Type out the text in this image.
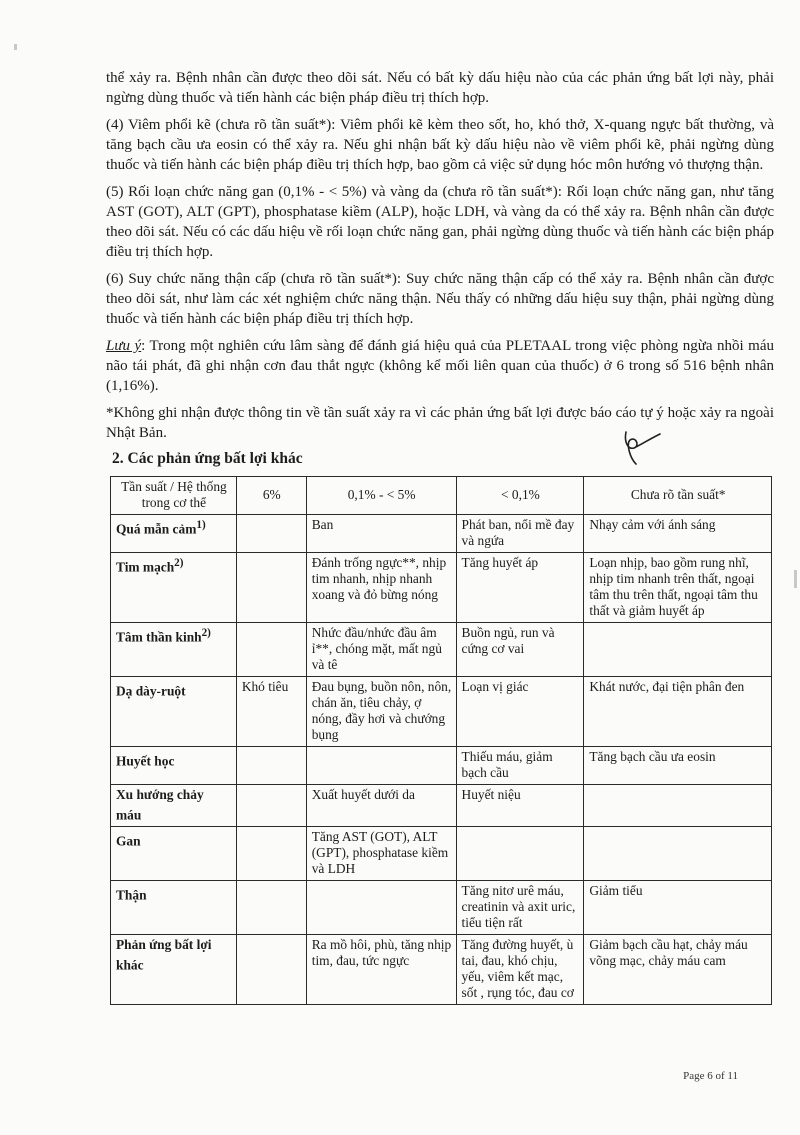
thể xảy ra. Bệnh nhân cần được theo dõi sát. Nếu có bất kỳ dấu hiệu nào của các phản ứng bất lợi này, phải ngừng dùng thuốc và tiến hành các biện pháp điều trị thích hợp.

(4) Viêm phổi kẽ (chưa rõ tần suất*): Viêm phổi kẽ kèm theo sốt, ho, khó thở, X-quang ngực bất thường, và tăng bạch cầu ưa eosin có thể xảy ra. Nếu ghi nhận bất kỳ dấu hiệu nào về viêm phổi kẽ, phải ngừng dùng thuốc và tiến hành các biện pháp điều trị thích hợp, bao gồm cả việc sử dụng hóc môn hướng vỏ thượng thận.

(5) Rối loạn chức năng gan (0,1% - < 5%) và vàng da (chưa rõ tần suất*): Rối loạn chức năng gan, như tăng AST (GOT), ALT (GPT), phosphatase kiềm (ALP), hoặc LDH, và vàng da có thể xảy ra. Bệnh nhân cần được theo dõi sát. Nếu có các dấu hiệu về rối loạn chức năng gan, phải ngừng dùng thuốc và tiến hành các biện pháp điều trị thích hợp.

(6) Suy chức năng thận cấp (chưa rõ tần suất*): Suy chức năng thận cấp có thể xảy ra. Bệnh nhân cần được theo dõi sát, như làm các xét nghiệm chức năng thận. Nếu thấy có những dấu hiệu suy thận, phải ngừng dùng thuốc và tiến hành các biện pháp điều trị thích hợp.

Lưu ý: Trong một nghiên cứu lâm sàng để đánh giá hiệu quả của PLETAAL trong việc phòng ngừa nhồi máu não tái phát, đã ghi nhận cơn đau thắt ngực (không kể mối liên quan của thuốc) ở 6 trong số 516 bệnh nhân (1,16%).

*Không ghi nhận được thông tin về tần suất xảy ra vì các phản ứng bất lợi được báo cáo tự ý hoặc xảy ra ngoài Nhật Bản.

2. Các phản ứng bất lợi khác
Tần suất / Hệ thống trong cơ thể	6%	0,1% - < 5%	< 0,1%	Chưa rõ tần suất*
Quá mẫn cảm$^{1)}$		Ban	Phát ban, nổi mề đay và ngứa	Nhạy cảm với ánh sáng
Tim mạch$^{2)}$		Đánh trống ngực**, nhịp tim nhanh, nhịp nhanh xoang và đỏ bừng nóng	Tăng huyết áp	Loạn nhịp, bao gồm rung nhĩ, nhịp tim nhanh trên thất, ngoại tâm thu trên thất, ngoại tâm thu thất và giảm huyết áp
Tâm thần kinh$^{2)}$		Nhức đầu/nhức đầu âm ỉ**, chóng mặt, mất ngủ và tê	Buồn ngủ, run và cứng cơ vai	
Dạ dày-ruột	Khó tiêu	Đau bụng, buồn nôn, nôn, chán ăn, tiêu chảy, ợ nóng, đầy hơi và chướng bụng	Loạn vị giác	Khát nước, đại tiện phân đen
Huyết học			Thiếu máu, giảm bạch cầu	Tăng bạch cầu ưa eosin
Xu hướng chảy máu		Xuất huyết dưới da	Huyết niệu	
Gan		Tăng AST (GOT), ALT (GPT), phosphatase kiềm và LDH		
Thận			Tăng nitơ urê máu, creatinin và axit uric, tiểu tiện rất	Giảm tiểu
Phản ứng bất lợi khác		Ra mồ hôi, phù, tăng nhịp tim, đau, tức ngực	Tăng đường huyết, ù tai, đau, khó chịu, yếu, viêm kết mạc, sốt , rụng tóc, đau cơ	Giảm bạch cầu hạt, chảy máu võng mạc, chảy máu cam
Page 6 of 11
